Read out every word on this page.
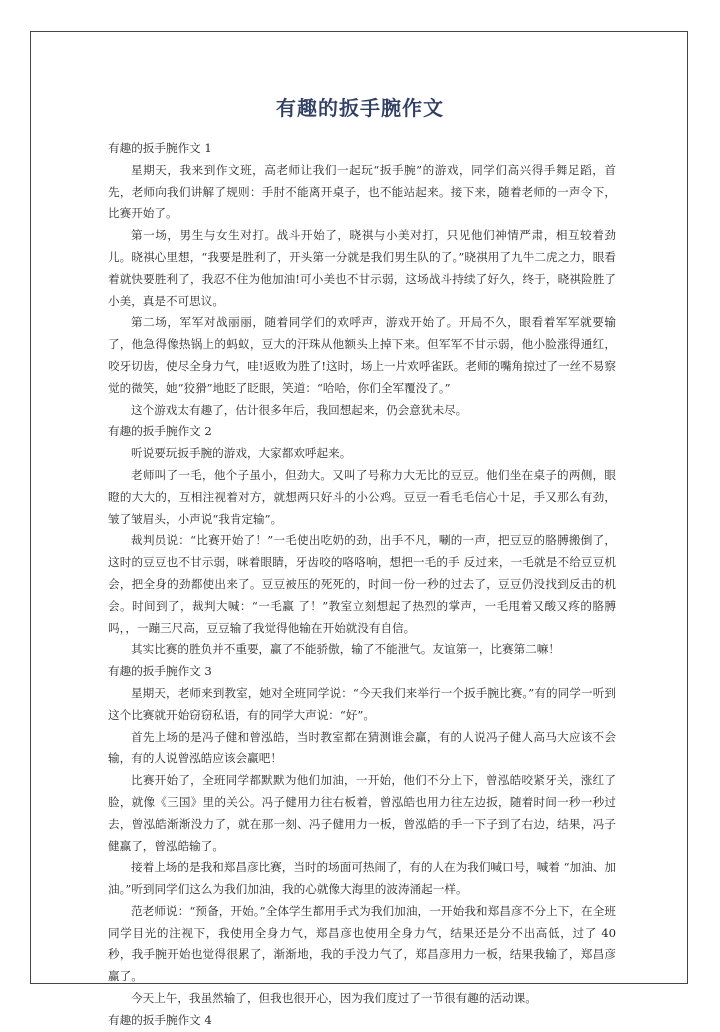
有趣的扳手腕作文
有趣的扳手腕作文 1

星期天，我来到作文班，高老师让我们一起玩“扳手腕”的游戏，同学们高兴得手舞足蹈，首先，老师向我们讲解了规则：手肘不能离开桌子，也不能站起来。接下来，随着老师的一声令下，比赛开始了。

第一场，男生与女生对打。战斗开始了，晓祺与小美对打，只见他们神情严肃，相互较着劲儿。晓祺心里想，“我要是胜利了，开头第一分就是我们男生队的了。”晓祺用了九牛二虎之力，眼看着就快要胜利了，我忍不住为他加油!可小美也不甘示弱，这场战斗持续了好久，终于，晓祺险胜了小美，真是不可思议。

第二场，军军对战丽丽，随着同学们的欢呼声，游戏开始了。开局不久，眼看着军军就要输了，他急得像热锅上的蚂蚁，豆大的汗珠从他额头上掉下来。但军军不甘示弱，他小脸涨得通红，咬牙切齿，使尽全身力气，哇!返败为胜了!这时，场上一片欢呼雀跃。老师的嘴角掠过了一丝不易察觉的微笑，她“狡猾”地眨了眨眼，笑道：“哈哈，你们全军覆没了。”

这个游戏太有趣了，估计很多年后，我回想起来，仍会意犹未尽。

有趣的扳手腕作文 2

听说要玩扳手腕的游戏，大家都欢呼起来。

老师叫了一毛，他个子虽小，但劲大。又叫了号称力大无比的豆豆。他们坐在桌子的两侧，眼瞪的大大的，互相注视着对方，就想两只好斗的小公鸡。豆豆一看毛毛信心十足，手又那么有劲，皱了皱眉头，小声说“我肯定输”。

裁判员说：“比赛开始了！”一毛使出吃奶的劲，出手不凡，唰的一声，把豆豆的胳膊搬倒了，这时的豆豆也不甘示弱，咪着眼睛，牙齿咬的咯咯响，想把一毛的手 反过来，一毛就是不给豆豆机会，把全身的劲都使出来了。豆豆被压的死死的，时间一份一秒的过去了，豆豆仍没找到反击的机会。时间到了，裁判大喊：“一毛赢 了！”教室立刻想起了热烈的掌声，一毛甩着又酸又疼的胳膊吗，，一蹦三尺高，豆豆输了我觉得他输在开始就没有自信。

其实比赛的胜负并不重要，赢了不能骄傲，输了不能泄气。友谊第一，比赛第二嘛！

有趣的扳手腕作文 3

星期天，老师来到教室，她对全班同学说：“今天我们来举行一个扳手腕比赛。”有的同学一听到这个比赛就开始窃窃私语，有的同学大声说：“好”。

首先上场的是冯子健和曾泓皓，当时教室都在猜测谁会赢，有的人说冯子健人高马大应该不会输，有的人说曾泓皓应该会赢吧！

比赛开始了，全班同学都默默为他们加油，一开始，他们不分上下，曾泓皓咬紧牙关，涨红了脸，就像《三国》里的关公。冯子健用力往右板着，曾泓皓也用力往左边扳，随着时间一秒一秒过去，曾泓皓渐渐没力了，就在那一刻、冯子健用力一板，曾泓皓的手一下子到了右边，结果，冯子健赢了，曾泓皓输了。

接着上场的是我和郑昌彦比赛，当时的场面可热闹了，有的人在为我们喊口号，喊着 “加油、加油。”听到同学们这么为我们加油，我的心就像大海里的波涛涌起一样。

范老师说：“预备，开始。”全体学生都用手式为我们加油，一开始我和郑昌彦不分上下，在全班同学目光的注视下，我使用全身力气，郑昌彦也使用全身力气，结果还是分不出高低，过了 40 秒，我手腕开始也觉得很累了，渐渐地，我的手没力气了，郑昌彦用力一板，结果我输了，郑昌彦赢了。

今天上午，我虽然输了，但我也很开心，因为我们度过了一节很有趣的活动课。

有趣的扳手腕作文 4
